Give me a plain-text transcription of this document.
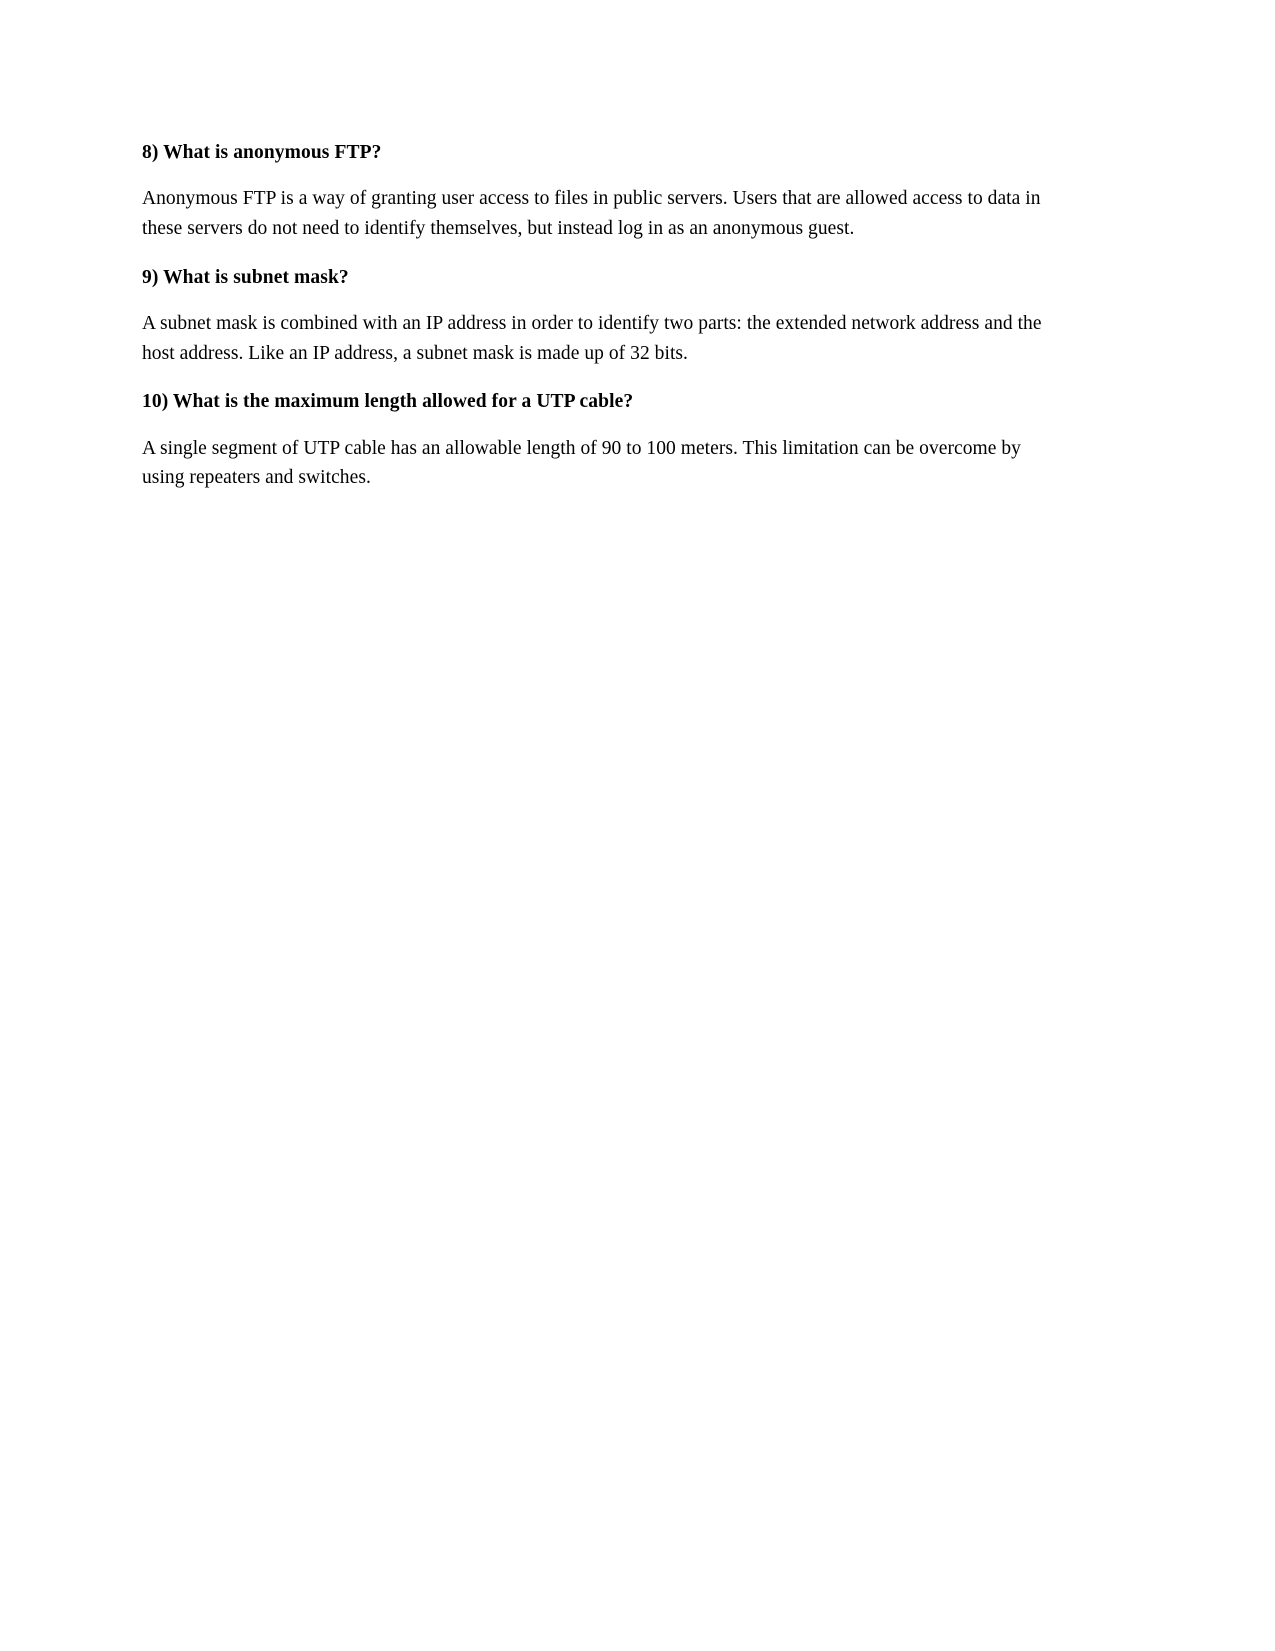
8) What is anonymous FTP?

Anonymous FTP is a way of granting user access to files in public servers. Users that are allowed access to data in these servers do not need to identify themselves, but instead log in as an anonymous guest.

9) What is subnet mask?

A subnet mask is combined with an IP address in order to identify two parts: the extended network address and the host address. Like an IP address, a subnet mask is made up of 32 bits.

10) What is the maximum length allowed for a UTP cable?

A single segment of UTP cable has an allowable length of 90 to 100 meters. This limitation can be overcome by using repeaters and switches.
